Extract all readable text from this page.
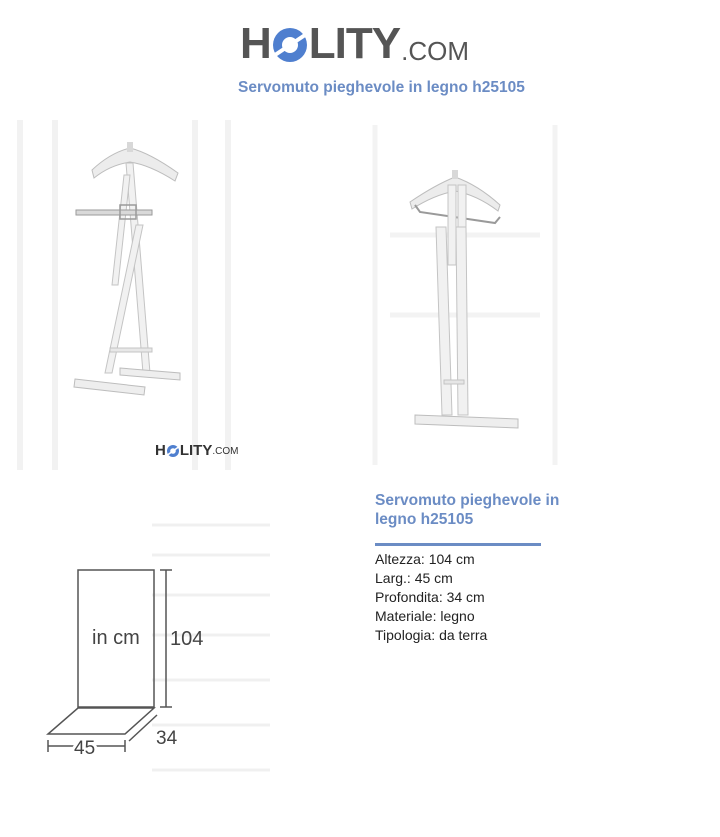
H LITY .COM
Servomuto pieghevole in legno h25105
H LITY .COM
in cm 104
45	34
Servomuto pieghevole in legno h25105
Altezza: 104 cm
Larg.: 45 cm
Profondita: 34 cm
Materiale: legno
Tipologia: da terra
